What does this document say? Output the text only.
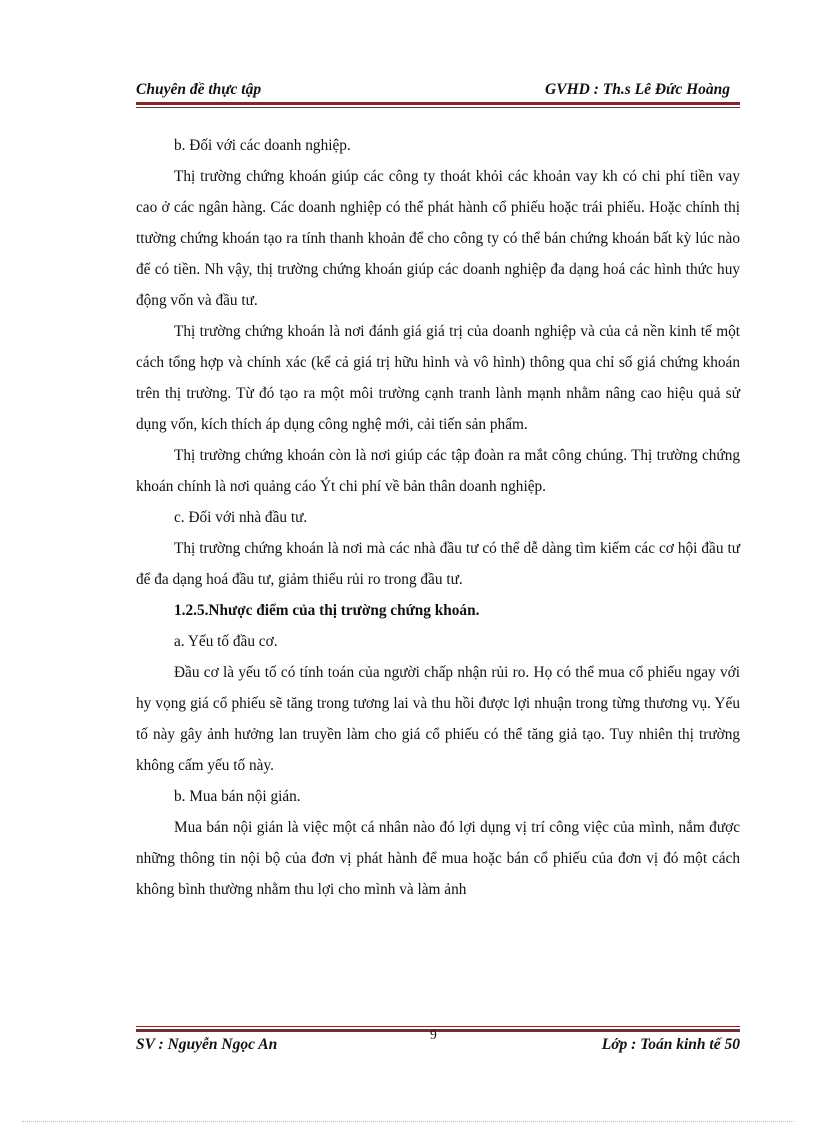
Chuyên đề thực tập	GVHD : Th.s Lê Đức Hoàng

b. Đối với các doanh nghiệp.

Thị trường chứng khoán giúp các công ty thoát khỏi các khoản vay kh có chi phí tiền vay cao ở các ngân hàng. Các doanh nghiệp có thể phát hành cổ phiếu hoặc trái phiếu. Hoặc chính thị ttường chứng khoán tạo ra tính thanh khoản để cho công ty có thể bán chứng khoán bất kỳ lúc nào để có tiền. Nh vậy, thị trường chứng khoán giúp các doanh nghiệp đa dạng hoá các hình thức huy động vốn và đầu tư.

Thị trường chứng khoán là nơi đánh giá giá trị của doanh nghiệp và của cả nền kinh tế một cách tổng hợp và chính xác (kể cả giá trị hữu hình và vô hình) thông qua chỉ số giá chứng khoán trên thị trường. Từ đó tạo ra một môi trường cạnh tranh lành mạnh nhằm nâng cao hiệu quả sử dụng vốn, kích thích áp dụng công nghệ mới, cải tiến sản phẩm.

Thị trường chứng khoán còn là nơi giúp các tập đoàn ra mắt công chúng. Thị trường chứng khoán chính là nơi quảng cáo Ýt chi phí về bản thân doanh nghiệp.

c. Đối với nhà đầu tư.

Thị trường chứng khoán là nơi mà các nhà đầu tư có thể dễ dàng tìm kiếm các cơ hội đầu tư để đa dạng hoá đầu tư, giảm thiểu rủi ro trong đầu tư.

1.2.5.Nhược điểm của thị trường chứng khoán.

a. Yếu tố đầu cơ.

Đầu cơ là yếu tố có tính toán của người chấp nhận rủi ro. Họ có thể mua cổ phiếu ngay với hy vọng giá cổ phiếu sẽ tăng trong tương lai và thu hồi được lợi nhuận trong từng thương vụ. Yếu tố này gây ảnh hưởng lan truyền làm cho giá cổ phiếu có thể tăng giả tạo. Tuy nhiên thị trường không cấm yếu tố này.

b. Mua bán nội gián.

Mua bán nội gián là việc một cá nhân nào đó lợi dụng vị trí công việc của mình, nắm được những thông tin nội bộ của đơn vị phát hành để mua hoặc bán cổ phiếu của đơn vị đó một cách không bình thường nhằm thu lợi cho mình và làm ảnh

9
SV : Nguyễn Ngọc An	Lớp : Toán kinh tế 50
